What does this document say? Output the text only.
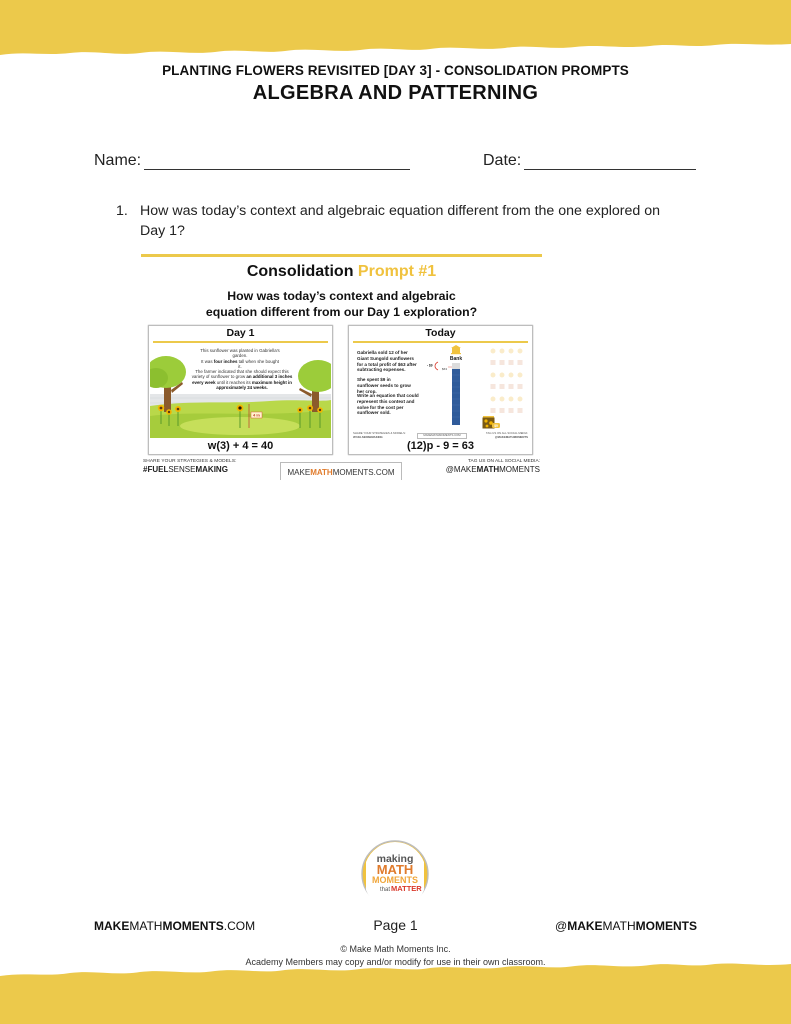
PLANTING FLOWERS REVISITED [DAY 3] - CONSOLIDATION PROMPTS
ALGEBRA AND PATTERNING
Name:	Date:
1. How was today’s context and algebraic equation different from the one explored on Day 1?
Consolidation Prompt #1
How was today’s context and algebraic
equation different from our Day 1 exploration?
Day 1
4 in
This sunflower was planted in Gabriella’s garden.
It was four inches tall when she bought it.
The farmer indicated that she should expect this variety of sunflower to grow an additional 3 inches every week until it reaches its maximum height in approximately 24 weeks.
w(3) + 4 = 40
Today
Gabriella sold 12 of her Giant Sungold sunflowers for a total profit of $63 after subtracting expenses.
She spent $9 in sunflower seeds to grow her crop.
Write an equation that could represent this context and solve for the cost per sunflower sold.
Bank
- $9
$63
$9
SHARE YOUR STRATEGIES & MODELS:
#FUELSENSEMAKING	MAKEMATHMOMENTS.COM	TAG US ON ALL SOCIAL MEDIA:
@MAKEMATHMOMENTS
(12)p - 9 = 63
SHARE YOUR STRATEGIES & MODELS:
#FUELSENSEMAKING	MAKEMATHMOMENTS.COM
TAG US ON ALL SOCIAL MEDIA:
@MAKEMATHMOMENTS
making
MATH
MOMENTS
that MATTER
MAKEMATHMOMENTS.COM	Page 1	@MAKEMATHMOMENTS
© Make Math Moments Inc.
Academy Members may copy and/or modify for use in their own classroom.
